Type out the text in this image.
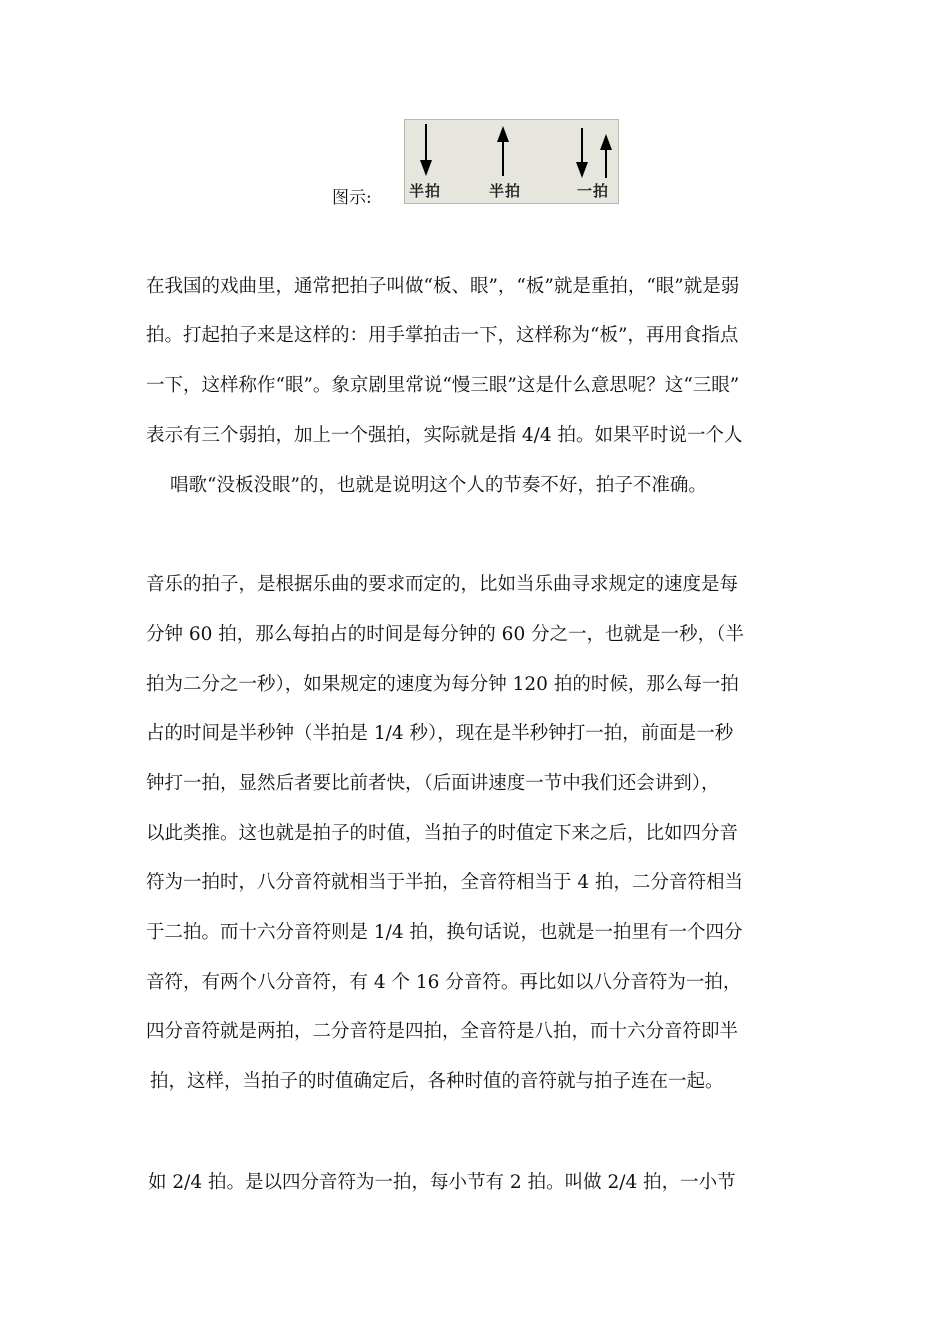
图示: 半拍	半拍	一拍
在我国的戏曲里，通常把拍子叫做“板、眼”，“板”就是重拍，“眼”就是弱
拍。打起拍子来是这样的：用手掌拍击一下，这样称为“板”，再用食指点
一下，这样称作“眼”。象京剧里常说“慢三眼”这是什么意思呢？这“三眼”
表示有三个弱拍，加上一个强拍，实际就是指 4/4 拍。如果平时说一个人
唱歌“没板没眼”的，也就是说明这个人的节奏不好，拍子不准确。
音乐的拍子，是根据乐曲的要求而定的，比如当乐曲寻求规定的速度是每
分钟 60 拍，那么每拍占的时间是每分钟的 60 分之一，也就是一秒，（半
拍为二分之一秒），如果规定的速度为每分钟 120 拍的时候，那么每一拍
占的时间是半秒钟（半拍是 1/4 秒），现在是半秒钟打一拍，前面是一秒
钟打一拍，显然后者要比前者快，（后面讲速度一节中我们还会讲到），
以此类推。这也就是拍子的时值，当拍子的时值定下来之后，比如四分音
符为一拍时，八分音符就相当于半拍，全音符相当于 4 拍，二分音符相当
于二拍。而十六分音符则是 1/4 拍，换句话说，也就是一拍里有一个四分
音符，有两个八分音符，有 4 个 16 分音符。再比如以八分音符为一拍，
四分音符就是两拍，二分音符是四拍，全音符是八拍，而十六分音符即半
拍，这样，当拍子的时值确定后，各种时值的音符就与拍子连在一起。
如 2/4 拍。是以四分音符为一拍，每小节有 2 拍。叫做 2/4 拍，一小节
